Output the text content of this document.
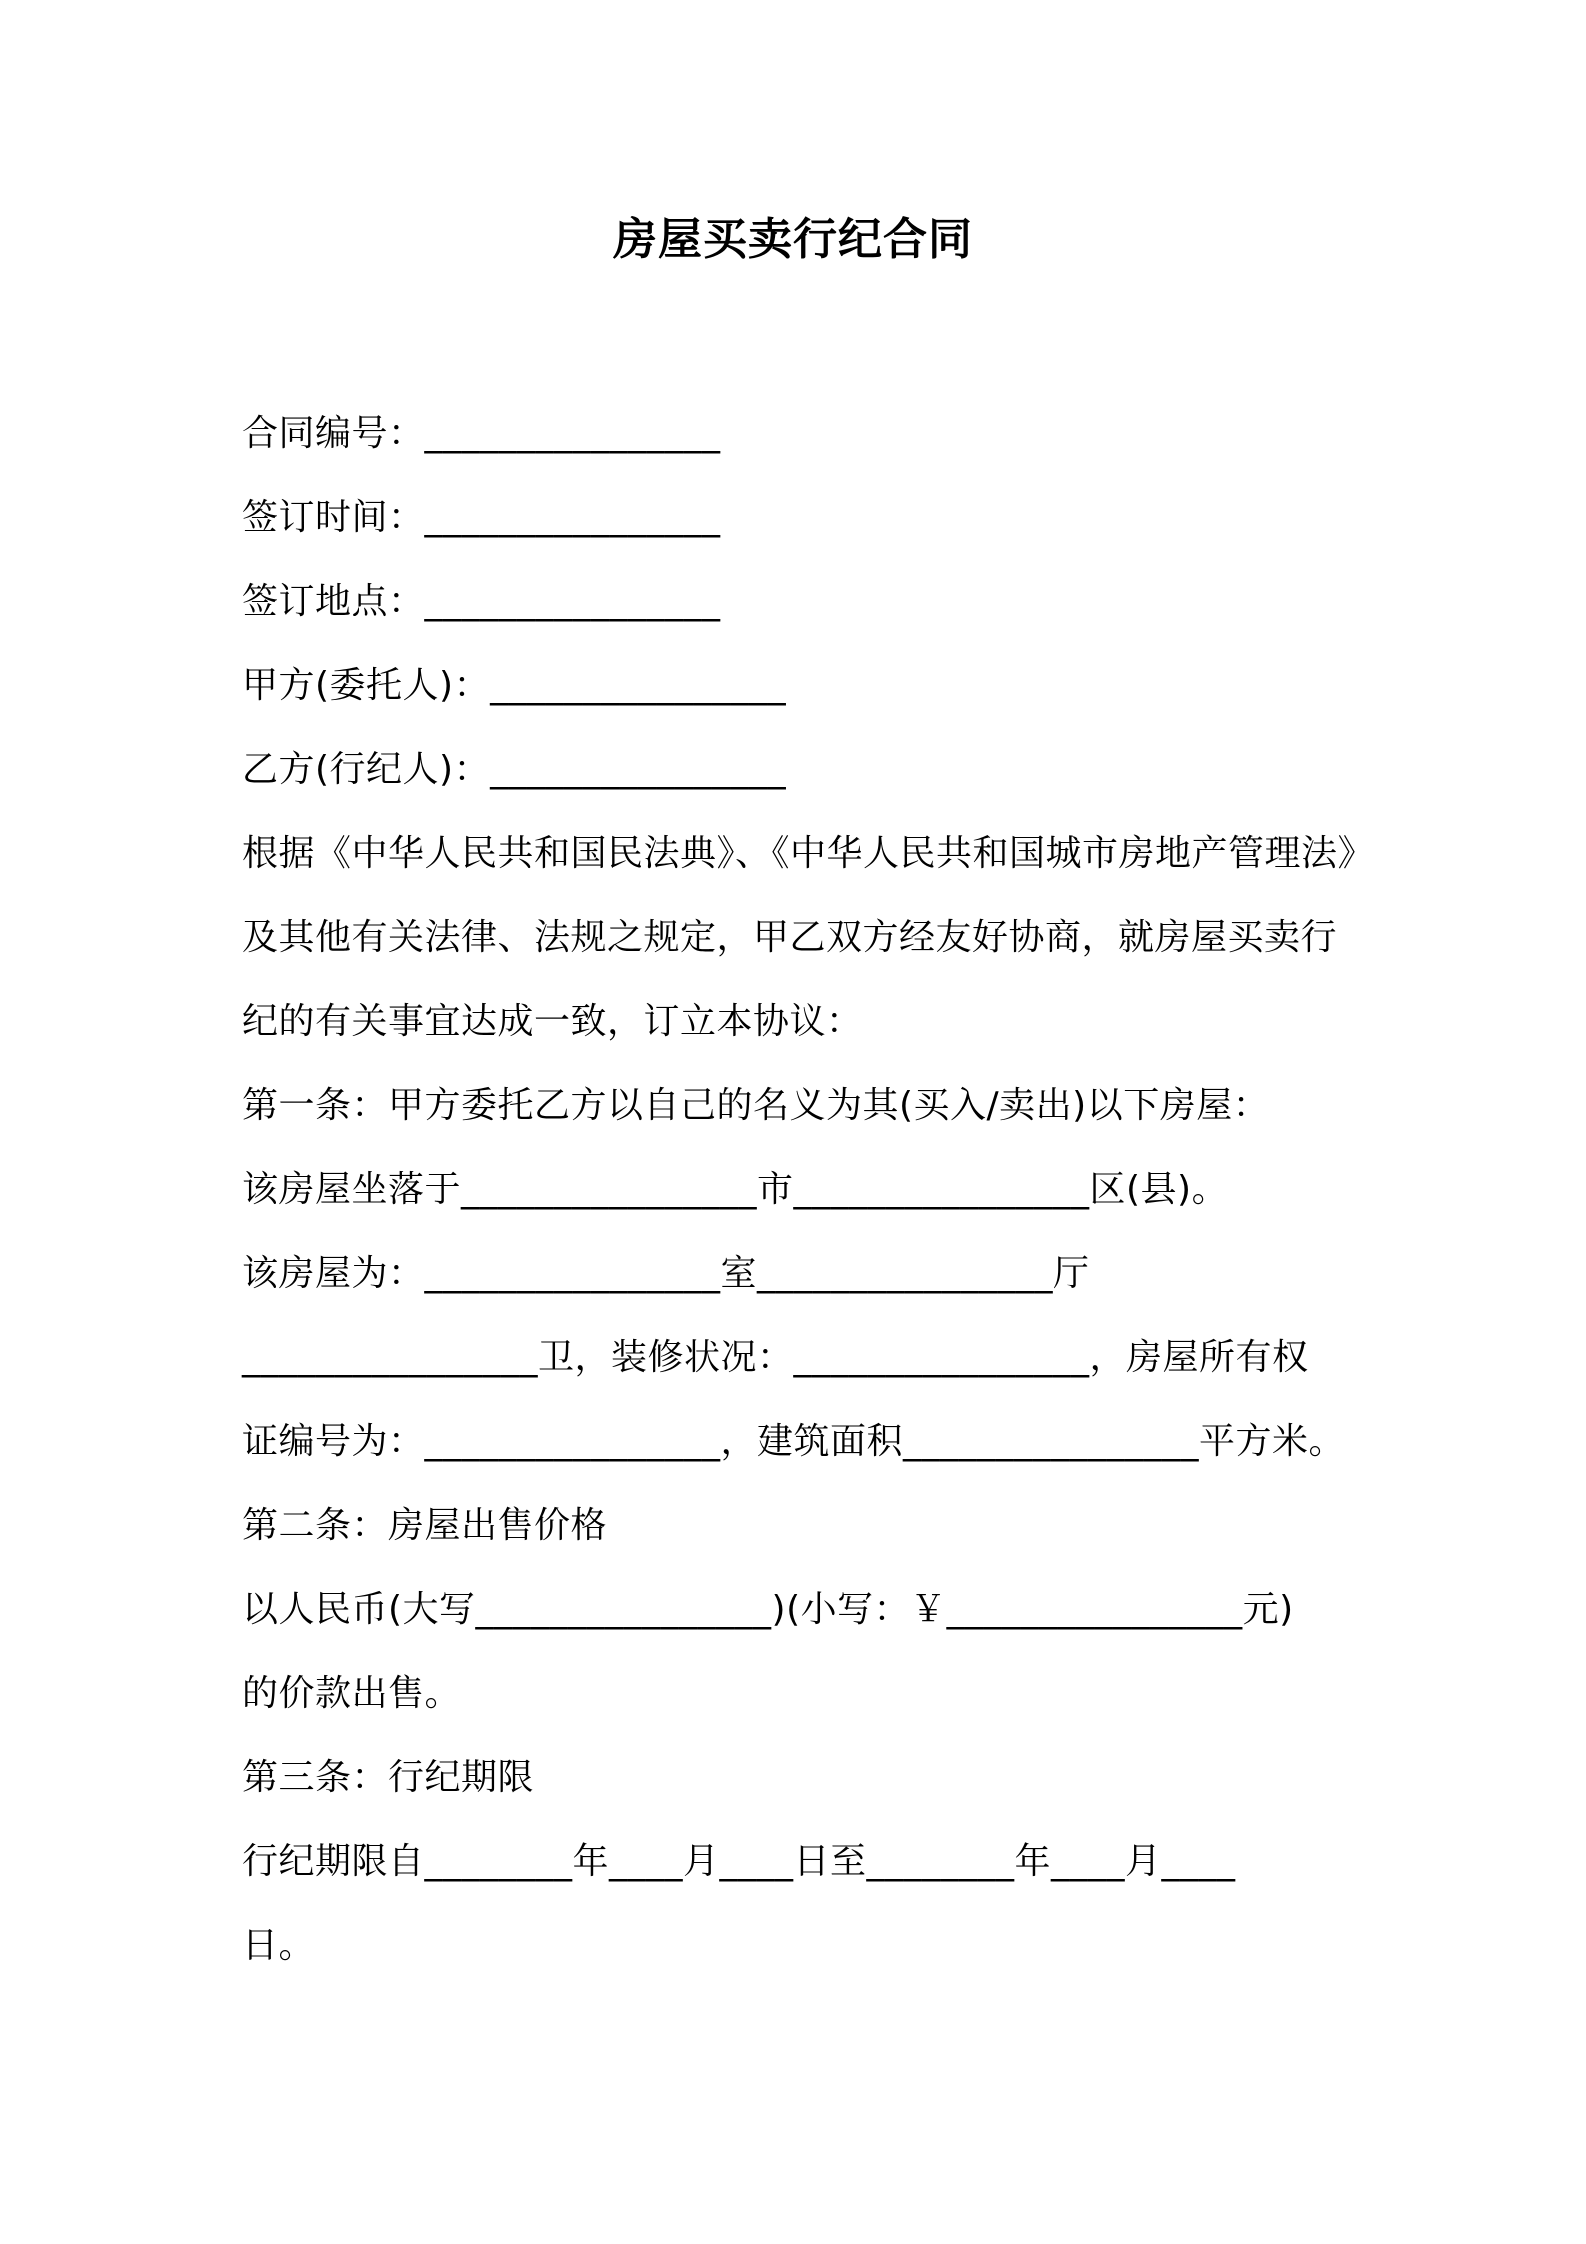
房屋买卖行纪合同
合同编号：________________
签订时间：________________
签订地点：________________
甲方(委托人)：________________
乙方(行纪人)：________________
根据《中华人民共和国民法典》、《中华人民共和国城市房地产管理法》
及其他有关法律、法规之规定，甲乙双方经友好协商，就房屋买卖行
纪的有关事宜达成一致，订立本协议：
第一条：甲方委托乙方以自己的名义为其(买入/卖出)以下房屋：
该房屋坐落于________________市________________区(县)。
该房屋为：________________室________________厅
________________卫，装修状况：________________，房屋所有权
证编号为：________________，建筑面积________________平方米。
第二条：房屋出售价格
以人民币(大写________________)(小写：￥________________元)
的价款出售。
第三条：行纪期限
行纪期限自________年____月____日至________年____月____
日。
